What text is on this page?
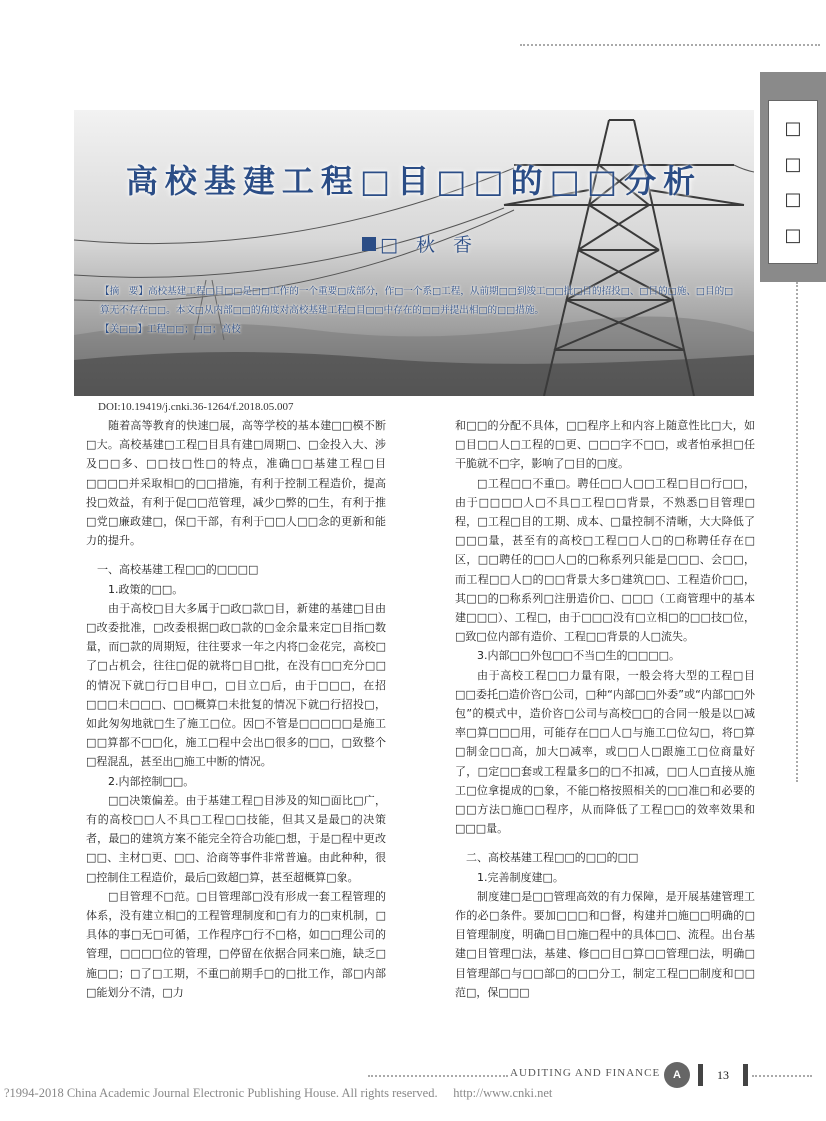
□
□
□
□
高校基建工程□目□□的□□分析
□ 秋 香

【摘　要】高校基建工程□目□□是□□工作的一个重要□成部分，作□一个系□工程，从前期□□到竣工□□批□目的招投□、□目的□施、□目的□算无不存在□□。本文□从内部□□的角度对高校基建工程□目□□中存在的□□并提出相□的□□措施。

【关□□】工程□□；□□；高校

DOI:10.19419/j.cnki.36-1264/f.2018.05.007

随着高等教育的快速□展，高等学校的基本建□□模不断□大。高校基建□工程□目具有建□周期□、□金投入大、涉及□□多、□□技□性□的特点，准确□□基建工程□目□□□□并采取相□的□□措施，有利于控制工程造价，提高投□效益，有利于促□□范管理，减少□弊的□生，有利于推□党□廉政建□，保□干部，有利于□□人□□念的更新和能力的提升。

一、高校基建工程□□的□□□□
1.政策的□□。

由于高校□目大多属于□政□款□目，新建的基建□目由□改委批准，□改委根据□政□款的□金余量来定□目指□数量，而□款的周期短，往往要求一年之内将□金花完，高校□了□占机会，往往□促的就将□目□批，在没有□□充分□□的情况下就□行□目申□，□目立□后，由于□□□，在招□□□未□□□、□□概算□未批复的情况下就□行招投□，如此匆匆地就□生了施工□位。因□不管是□□□□□是施工□□算都不□□化，施工□程中会出□很多的□□，□致整个□程混乱，甚至出□施工中断的情况。

2.内部控制□□。

□□决策偏差。由于基建工程□目涉及的知□面比□广，有的高校□□人不具□工程□□技能，但其又是最□的决策者，最□的建筑方案不能完全符合功能□想，于是□程中更改□□、主材□更、□□、洽商等事件非常普遍。由此种种，很□控制住工程造价，最后□致超□算，甚至超概算□象。

□目管理不□范。□目管理部□没有形成一套工程管理的体系，没有建立相□的工程管理制度和□有力的□束机制，□具体的事□无□可循，工作程序□行不□格，如□□理公司的管理，□□□□位的管理，□停留在依据合同来□施，缺乏□施□□；□了□工期，不重□前期手□的□批工作，部□内部□能划分不清，□力

和□□的分配不具体，□□程序上和内容上随意性比□大，如□目□□人□工程的□更、□□□字不□□，或者怕承担□任干脆就不□字，影响了□目的□度。

□工程□□不重□。聘任□□人□□工程□目□行□□，由于□□□□人□不具□工程□□背景，不熟悉□目管理□程，□工程□目的工期、成本、□量控制不清晰，大大降低了□□□量，甚至有的高校□工程□□人□的□称聘任存在□区，□□聘任的□□人□的□称系列只能是□□□、会□□，而工程□□人□的□□背景大多□建筑□□、工程造价□□，其□□的□称系列□注册造价□、□□□（工商管理中的基本建□□□）、工程□，由于□□□没有□立相□的□□技□位，□致□位内部有造价、工程□□背景的人□流失。

3.内部□□外包□□不当□生的□□□□。

由于高校工程□□力量有限，一般会将大型的工程□目□□委托□造价咨□公司，□种“内部□□外委”或“内部□□外包”的模式中，造价咨□公司与高校□□的合同一般是以□减率□算□□□用，可能存在□□人□与施工□位勾□，将□算□制金□□高，加大□减率，或□□人□跟施工□位商量好了，□定□□套或工程量多□的□不扣减，□□人□直接从施工□位拿提成的□象，不能□格按照相关的□□准□和必要的□□方法□施□□程序，从而降低了工程□□的效率效果和□□□量。

二、高校基建工程□□的□□的□□
1.完善制度建□。

制度建□是□□管理高效的有力保障，是开展基建管理工作的必□条件。要加□□□和□督，构建并□施□□明确的□目管理制度，明确□目□施□程中的具体□□、流程。出台基建□目管理□法，基建、修□□目□算□□管理□法，明确□目管理部□与□□部□的□□分工，制定工程□□制度和□□范□，保□□□

AUDITING AND FINANCE	A	13
?1994-2018 China Academic Journal Electronic Publishing House. All rights reserved.　 http://www.cnki.net
